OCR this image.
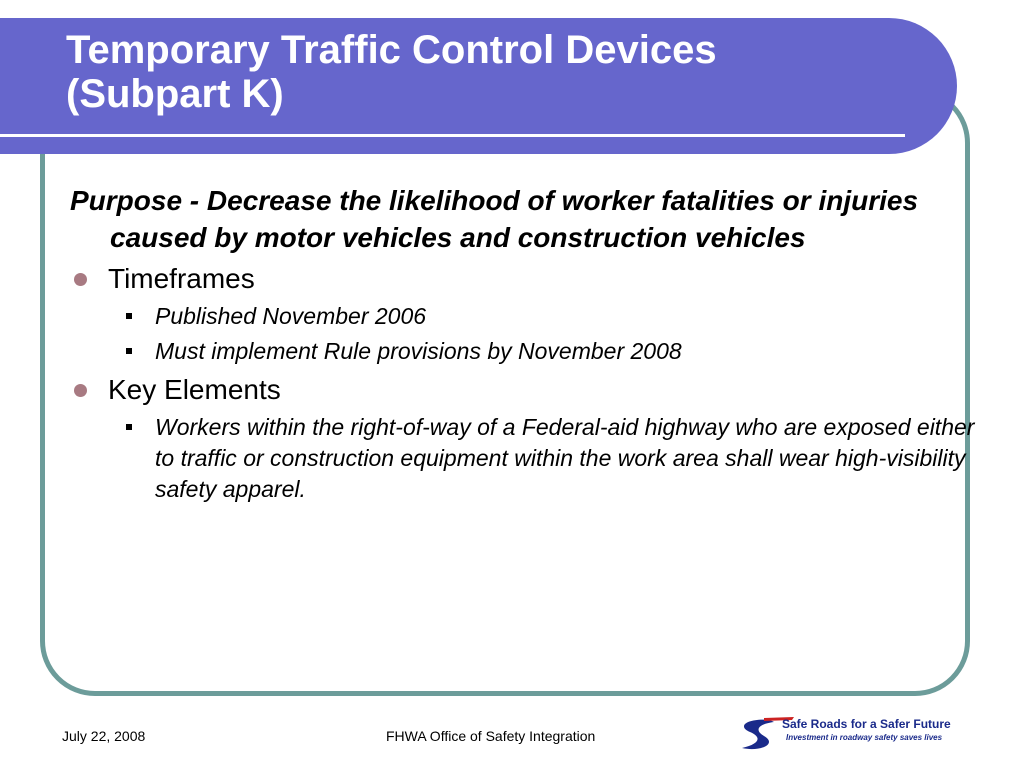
Temporary Traffic Control Devices
(Subpart K)

Purpose - Decrease the likelihood of worker fatalities or injuries caused by motor vehicles and construction vehicles

Timeframes
Published November 2006
Must implement Rule provisions by November 2008
Key Elements
Workers within the right-of-way of a Federal-aid highway who are exposed either to traffic or construction equipment within the work area shall wear high-visibility safety apparel.
July 22, 2008	FHWA Office of Safety Integration
Safe Roads for a Safer Future
Investment in roadway safety saves lives
